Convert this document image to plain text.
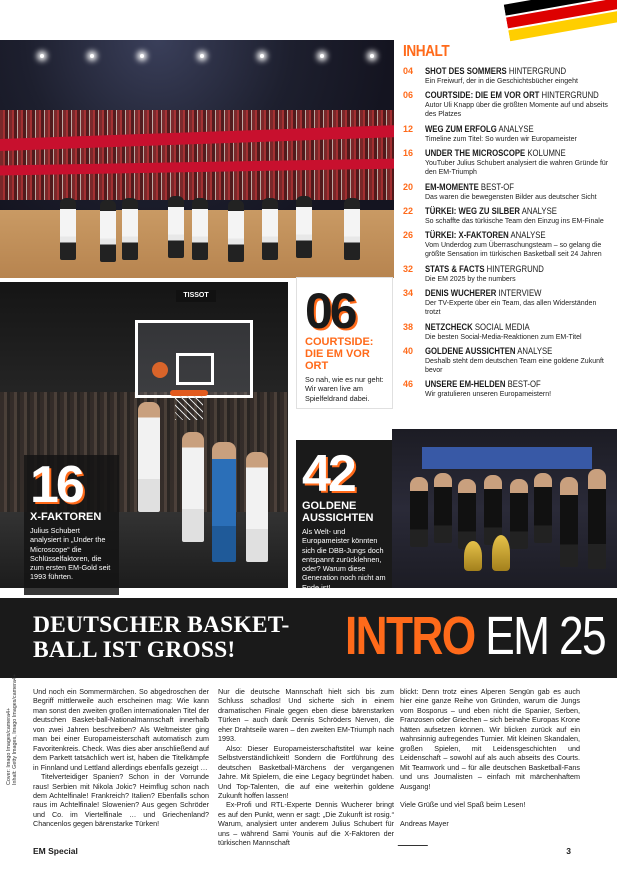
TISSOT
INHALT
04	SHOT DES SOMMERS HINTERGRUND
Ein Freiwurf, der in die Geschichtsbücher eingeht
06	COURTSIDE: DIE EM VOR ORT HINTERGRUND
Autor Uli Knapp über die größten Momente auf und abseits des Platzes
12	WEG ZUM ERFOLG ANALYSE
Timeline zum Titel: So wurden wir Europameister
16	UNDER THE MICROSCOPE KOLUMNE
YouTuber Julius Schubert analysiert die wahren Gründe für den EM-Triumph
20	EM-MOMENTE BEST-OF
Das waren die bewegensten Bilder aus deutscher Sicht
22	TÜRKEI: WEG ZU SILBER ANALYSE
So schaffte das türkische Team den Einzug ins EM-Finale
26	TÜRKEI: X-FAKTOREN ANALYSE
Vom Underdog zum Überraschungsteam – so gelang die größte Sensation im türkischen Basketball seit 24 Jahren
32	STATS & FACTS HINTERGRUND
Die EM 2025 by the numbers
34	DENIS WUCHERER INTERVIEW
Der TV-Experte über ein Team, das allen Widerständen trotzt
38	NETZCHECK SOCIAL MEDIA
Die besten Social-Media-Reaktionen zum EM-Titel
40	GOLDENE AUSSICHTEN ANALYSE
Deshalb steht dem deutschen Team eine goldene Zukunft bevor
46	UNSERE EM-HELDEN BEST-OF
Wir gratulieren unseren Europameistern!
06
COURTSIDE:
DIE EM VOR ORT
So nah, wie es nur geht: Wir waren live am Spielfeldrand dabei.
16
X-FAKTOREN
Julius Schubert analysiert in „Under the Microscope“ die Schlüsselfaktoren, die zum ersten EM-Gold seit 1993 führten.
42
GOLDENE
AUSSICHTEN
Als Welt- und Europameister könnten sich die DBB-Jungs doch entspannt zurücklehnen, oder? Warum diese Generation noch nicht am Ende ist!
DEUTSCHER BASKET-BALL IST GROSS!	INTRO EM 25
Cover: Imago Images/camera4+ Inhalt: Getty Images, Imago Images/camera4+ Und noch ein Sommermärchen. So abgedroschen der Begriff mittlerweile auch erscheinen mag: Wie kann man sonst den zweiten großen internationalen Titel der deutschen Basket-ball-Nationalmannschaft innerhalb von zwei Jahren beschreiben? Als Weltmeister ging man bei einer Europameisterschaft automatisch zum Favoritenkreis. Check. Was dies aber anschließend auf dem Parkett tatsächlich wert ist, haben die Titelkämpfe in Finnland und Lettland allerdings ebenfalls gezeigt …

Titelverteidiger Spanien? Schon in der Vorrunde raus! Serbien mit Nikola Jokic? Heimflug schon nach dem Achtelfinale! Frankreich? Italien? Ebenfalls schon raus im Achtelfinale! Slowenien? Aus gegen Schröder und Co. im Viertelfinale … und Griechenland? Chancenlos gegen bärenstarke Türken!

Nur die deutsche Mannschaft hielt sich bis zum Schluss schadlos! Und sicherte sich in einem dramatischen Finale gegen eben diese bärenstarken Türken – auch dank Dennis Schröders Nerven, die eher Drahtseile waren – den zweiten EM-Triumph nach 1993.

Also: Dieser Europameisterschaftstitel war keine Selbstverständlichkeit! Sondern die Fortführung des deutschen Basketball-Märchens der vergangenen Jahre. Mit Spielern, die eine Legacy begründet haben. Und Top-Talenten, die auf eine weiterhin goldene Zukunft hoffen lassen!

Ex-Profi und RTL-Experte Dennis Wucherer bringt es auf den Punkt, wenn er sagt: „Die Zukunft ist rosig.“ Warum, analysiert unter anderem Julius Schubert für uns – während Sami Younis auf die X-Faktoren der türkischen Mannschaft

blickt: Denn trotz eines Alperen Sengün gab es auch hier eine ganze Reihe von Gründen, warum die Jungs vom Bosporus – und eben nicht die Spanier, Serben, Franzosen oder Griechen – sich beinahe Europas Krone hätten aufsetzen können. Wir blicken zurück auf ein wahnsinnig aufregendes Turnier. Mit kleinen Skandalen, großen Spielen, mit Leidensgeschichten und Leidenschaft – sowohl auf als auch abseits des Courts. Mit Teamwork und – für alle deutschen Basketball-Fans und uns Journalisten – einfach mit märchenhaftem Ausgang!

Viele Grüße und viel Spaß beim Lesen!

Andreas Mayer

EM Special	3
